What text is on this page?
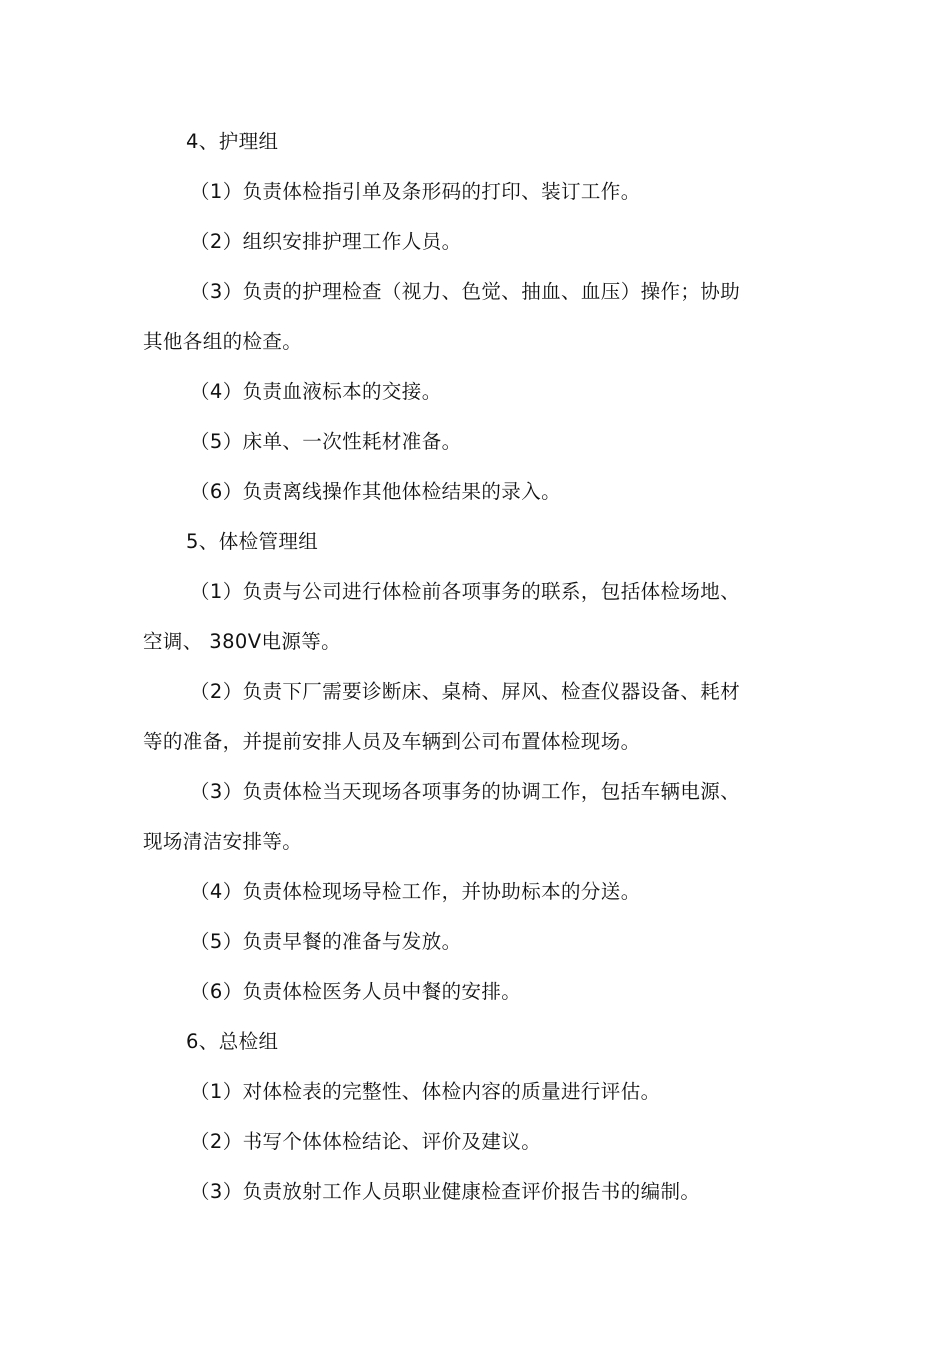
4、护理组
（1）负责体检指引单及条形码的打印、装订工作。
（2）组织安排护理工作人员。
（3）负责的护理检查（视力、色觉、抽血、血压）操作；协助
其他各组的检查。
（4）负责血液标本的交接。
（5）床单、一次性耗材准备。
（6）负责离线操作其他体检结果的录入。
5、体检管理组
（1）负责与公司进行体检前各项事务的联系，包括体检场地、
空调、 380V电源等。
（2）负责下厂需要诊断床、桌椅、屏风、检查仪器设备、耗材
等的准备，并提前安排人员及车辆到公司布置体检现场。
（3）负责体检当天现场各项事务的协调工作，包括车辆电源、
现场清洁安排等。
（4）负责体检现场导检工作，并协助标本的分送。
（5）负责早餐的准备与发放。
（6）负责体检医务人员中餐的安排。
6、总检组
（1）对体检表的完整性、体检内容的质量进行评估。
（2）书写个体体检结论、评价及建议。
（3）负责放射工作人员职业健康检查评价报告书的编制。
